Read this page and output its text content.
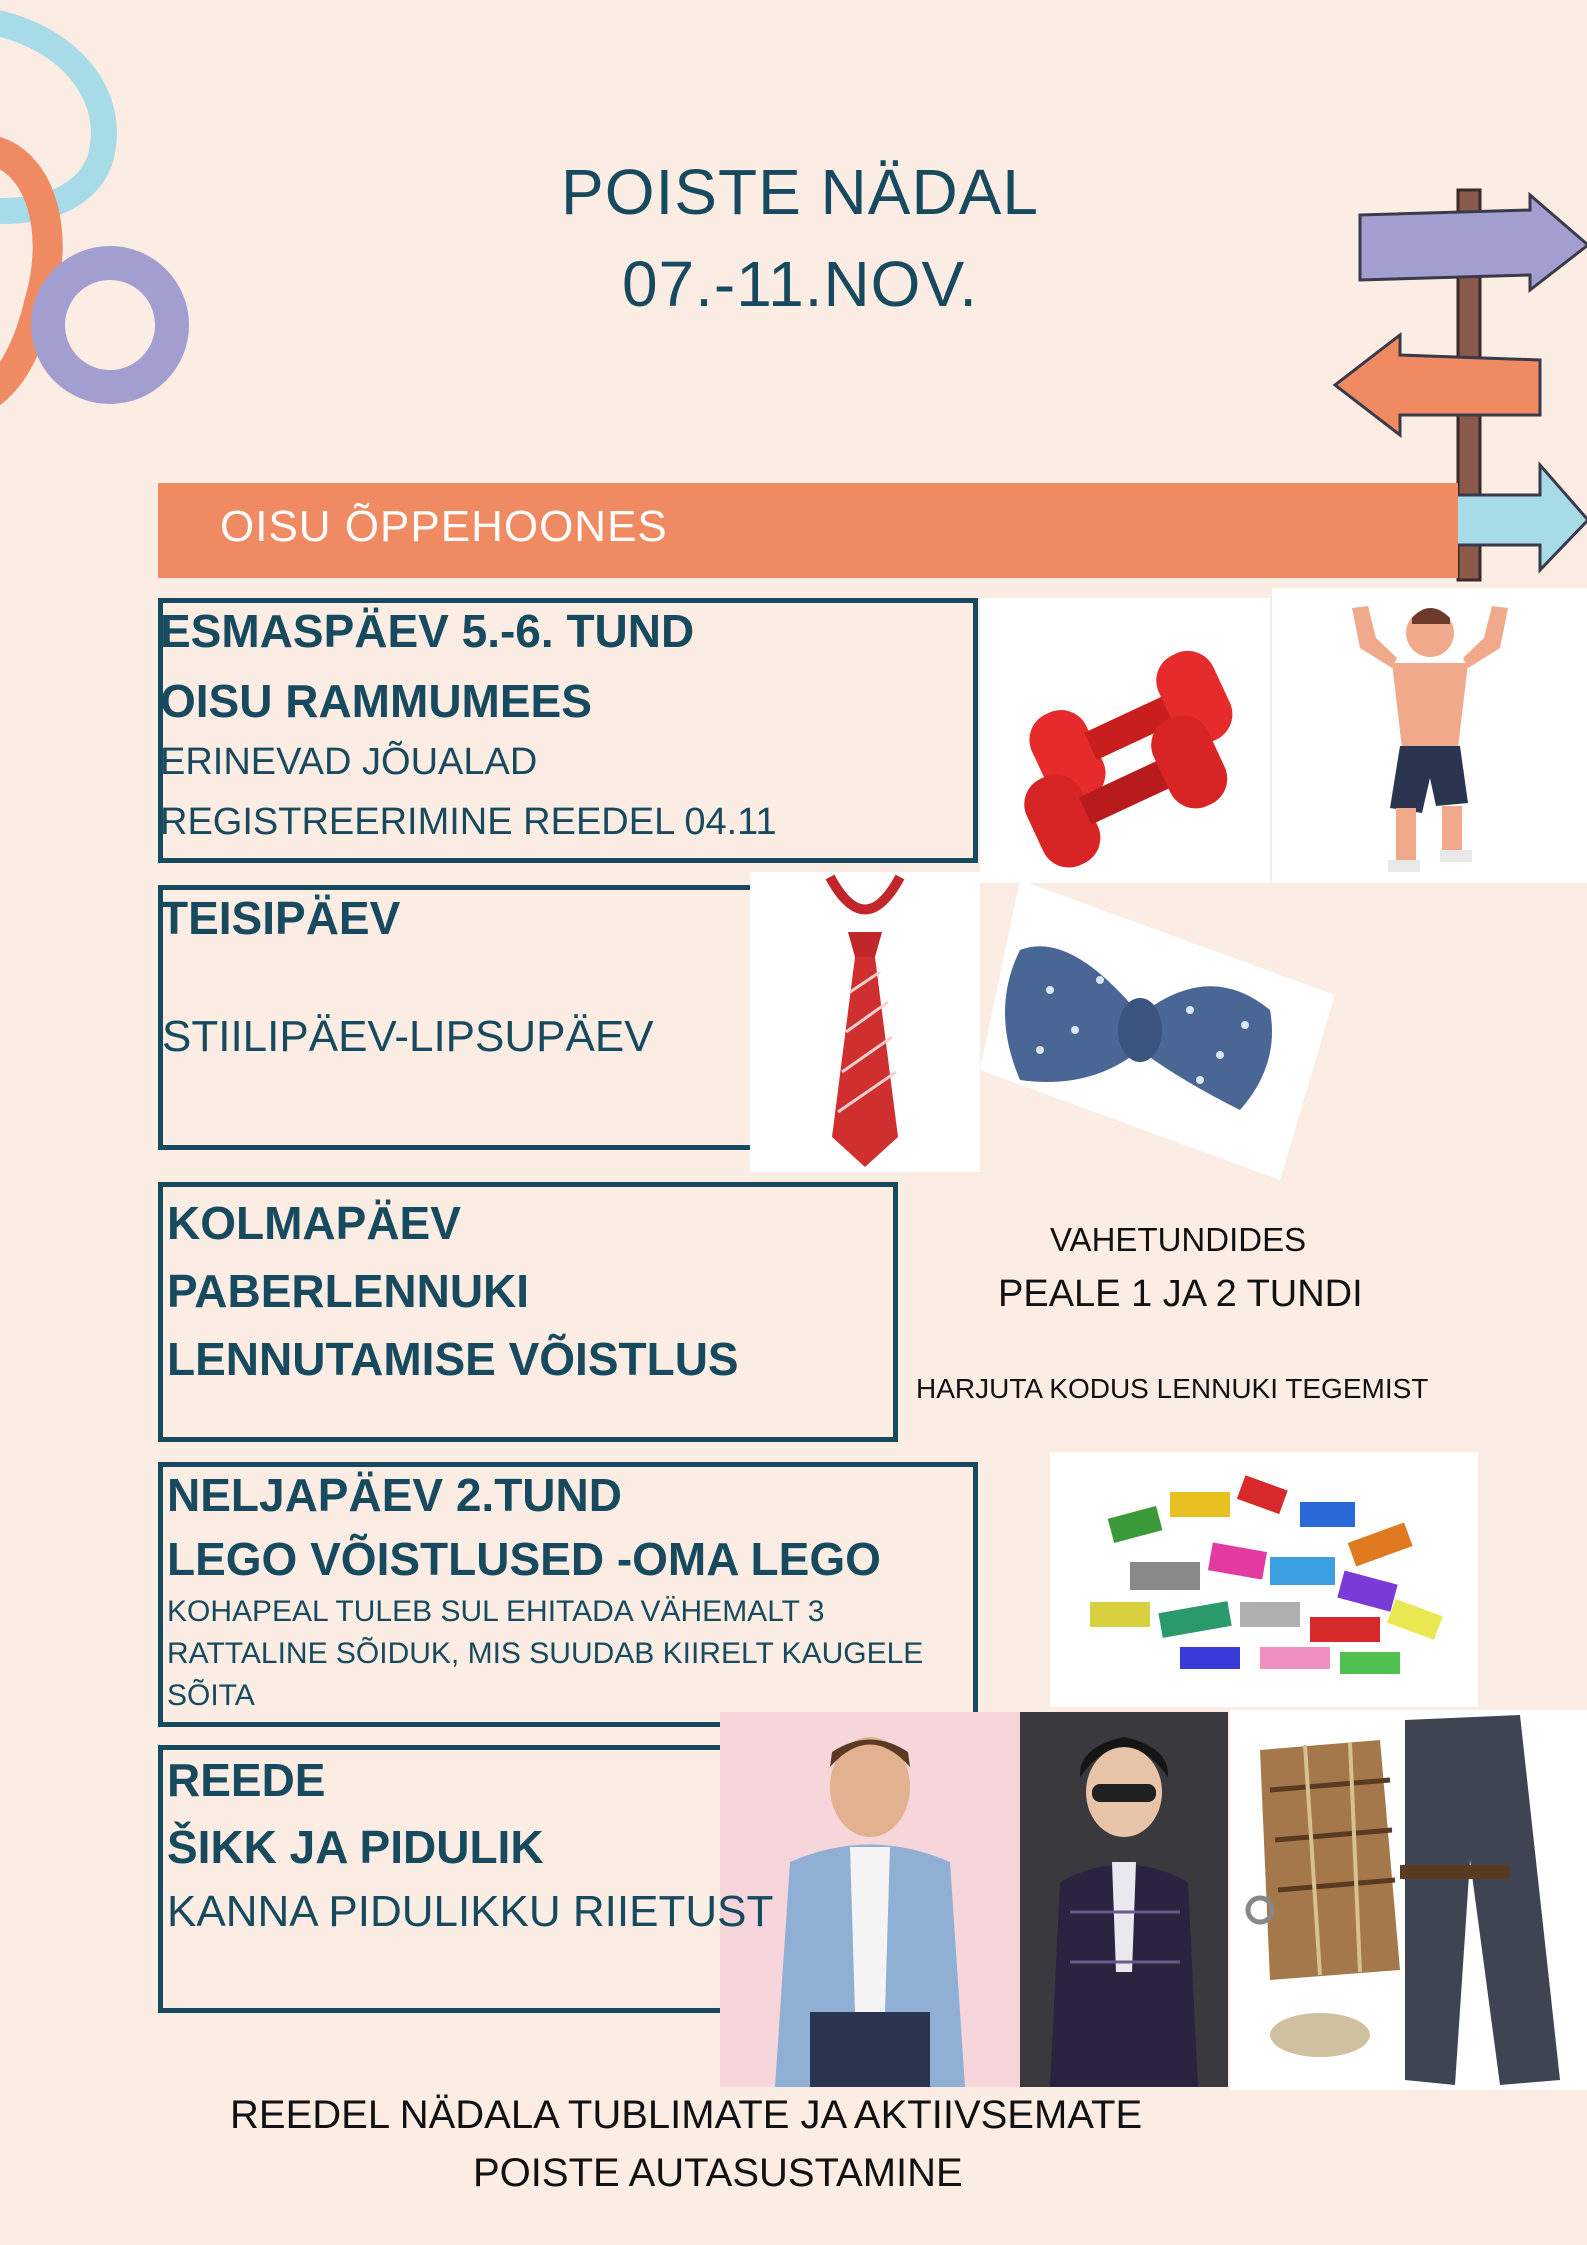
POISTE NÄDAL
07.-11.NOV.
OISU ÕPPEHOONES
ESMASPÄEV 5.-6. TUND
OISU RAMMUMEES
ERINEVAD JÕUALAD
REGISTREERIMINE REEDEL 04.11
TEISIPÄEV
STIILIPÄEV-LIPSUPÄEV
KOLMAPÄEV
PABERLENNUKI
LENNUTAMISE VÕISTLUS
VAHETUNDIDES
PEALE 1 JA 2 TUNDI
HARJUTA KODUS LENNUKI TEGEMIST
NELJAPÄEV 2.TUND
LEGO VÕISTLUSED -OMA LEGO
KOHAPEAL TULEB SUL EHITADA VÄHEMALT 3
RATTALINE SÕIDUK, MIS SUUDAB KIIRELT KAUGELE
SÕITA
REEDE
ŠIKK JA PIDULIK
KANNA PIDULIKKU RIIETUST
REEDEL NÄDALA TUBLIMATE JA AKTIIVSEMATE
POISTE AUTASUSTAMINE
